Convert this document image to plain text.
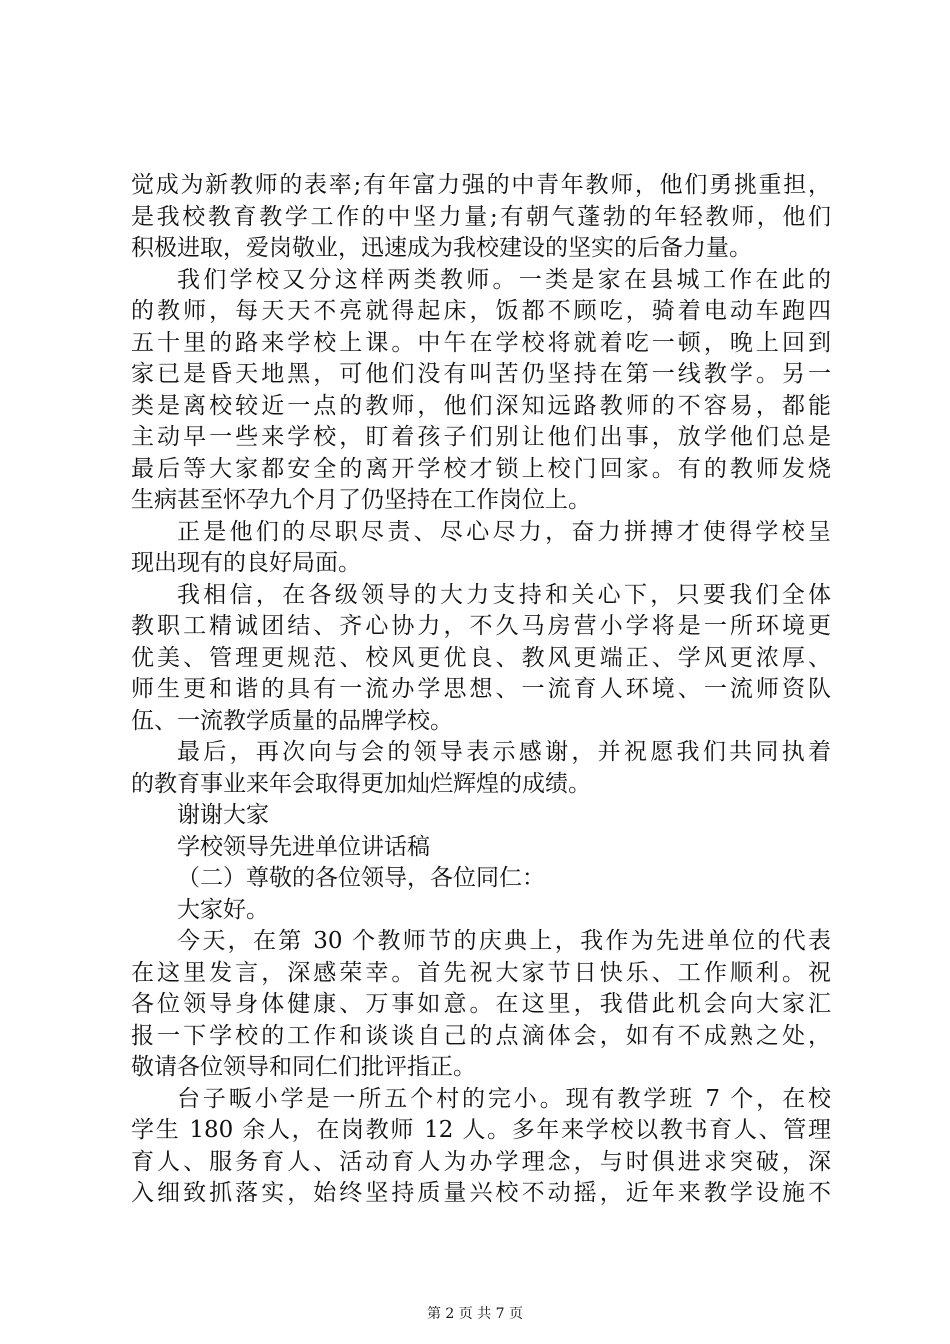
觉成为新教师的表率;有年富力强的中青年教师，他们勇挑重担，
是我校教育教学工作的中坚力量;有朝气蓬勃的年轻教师，他们
积极进取，爱岗敬业，迅速成为我校建设的坚实的后备力量。
我们学校又分这样两类教师。一类是家在县城工作在此的
的教师，每天天不亮就得起床，饭都不顾吃，骑着电动车跑四
五十里的路来学校上课。中午在学校将就着吃一顿，晚上回到
家已是昏天地黑，可他们没有叫苦仍坚持在第一线教学。另一
类是离校较近一点的教师，他们深知远路教师的不容易，都能
主动早一些来学校，盯着孩子们别让他们出事，放学他们总是
最后等大家都安全的离开学校才锁上校门回家。有的教师发烧
生病甚至怀孕九个月了仍坚持在工作岗位上。
正是他们的尽职尽责、尽心尽力，奋力拼搏才使得学校呈
现出现有的良好局面。
我相信，在各级领导的大力支持和关心下，只要我们全体
教职工精诚团结、齐心协力，不久马房营小学将是一所环境更
优美、管理更规范、校风更优良、教风更端正、学风更浓厚、
师生更和谐的具有一流办学思想、一流育人环境、一流师资队
伍、一流教学质量的品牌学校。
最后，再次向与会的领导表示感谢，并祝愿我们共同执着
的教育事业来年会取得更加灿烂辉煌的成绩。
谢谢大家
学校领导先进单位讲话稿
（二）尊敬的各位领导，各位同仁：
大家好。
今天，在第 30 个教师节的庆典上，我作为先进单位的代表
在这里发言，深感荣幸。首先祝大家节日快乐、工作顺利。祝
各位领导身体健康、万事如意。在这里，我借此机会向大家汇
报一下学校的工作和谈谈自己的点滴体会，如有不成熟之处，
敬请各位领导和同仁们批评指正。
台子畈小学是一所五个村的完小。现有教学班 7 个，在校
学生 180 余人，在岗教师 12 人。多年来学校以教书育人、管理
育人、服务育人、活动育人为办学理念，与时俱进求突破，深
入细致抓落实，始终坚持质量兴校不动摇，近年来教学设施不
第 2 页 共 7 页
